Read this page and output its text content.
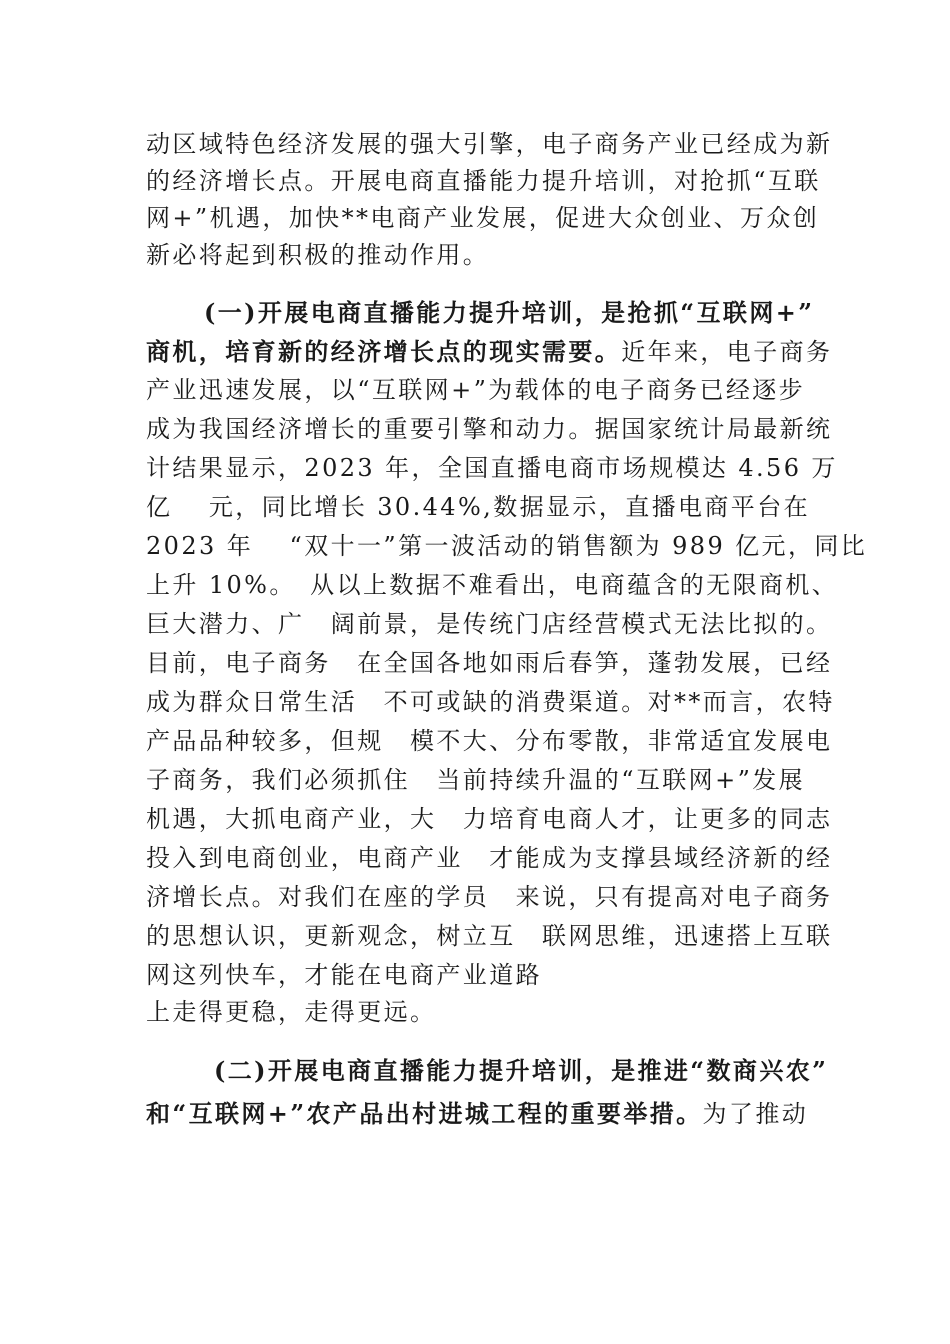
动区域特色经济发展的强大引擎，电子商务产业已经成为新
的经济增长点。开展电商直播能力提升培训，对抢抓“互联
网+”机遇，加快**电商产业发展，促进大众创业、万众创
新必将起到积极的推动作用。
(一)开展电商直播能力提升培训，是抢抓“互联网+”
商机，培育新的经济增长点的现实需要。近年来，电子商务
产业迅速发展，以“互联网+”为载体的电子商务已经逐步
成为我国经济增长的重要引擎和动力。据国家统计局最新统
计结果显示，2023 年，全国直播电商市场规模达 4.56 万
亿　 元，同比增长 30.44%,数据显示，直播电商平台在
2023 年　 “双十一”第一波活动的销售额为 989 亿元，同比
上升 10%。　从以上数据不难看出，电商蕴含的无限商机、
巨大潜力、广　阔前景，是传统门店经营模式无法比拟的。
目前，电子商务　在全国各地如雨后春笋，蓬勃发展，已经
成为群众日常生活　不可或缺的消费渠道。对**而言，农特
产品品种较多，但规　模不大、分布零散，非常适宜发展电
子商务，我们必须抓住　当前持续升温的“互联网+”发展
机遇，大抓电商产业，大　力培育电商人才，让更多的同志
投入到电商创业，电商产业　才能成为支撑县域经济新的经
济增长点。对我们在座的学员　来说，只有提高对电子商务
的思想认识，更新观念，树立互　联网思维，迅速搭上互联
网这列快车，才能在电商产业道路
上走得更稳，走得更远。
(二)开展电商直播能力提升培训，是推进“数商兴农”
和“互联网+”农产品出村进城工程的重要举措。为了推动
